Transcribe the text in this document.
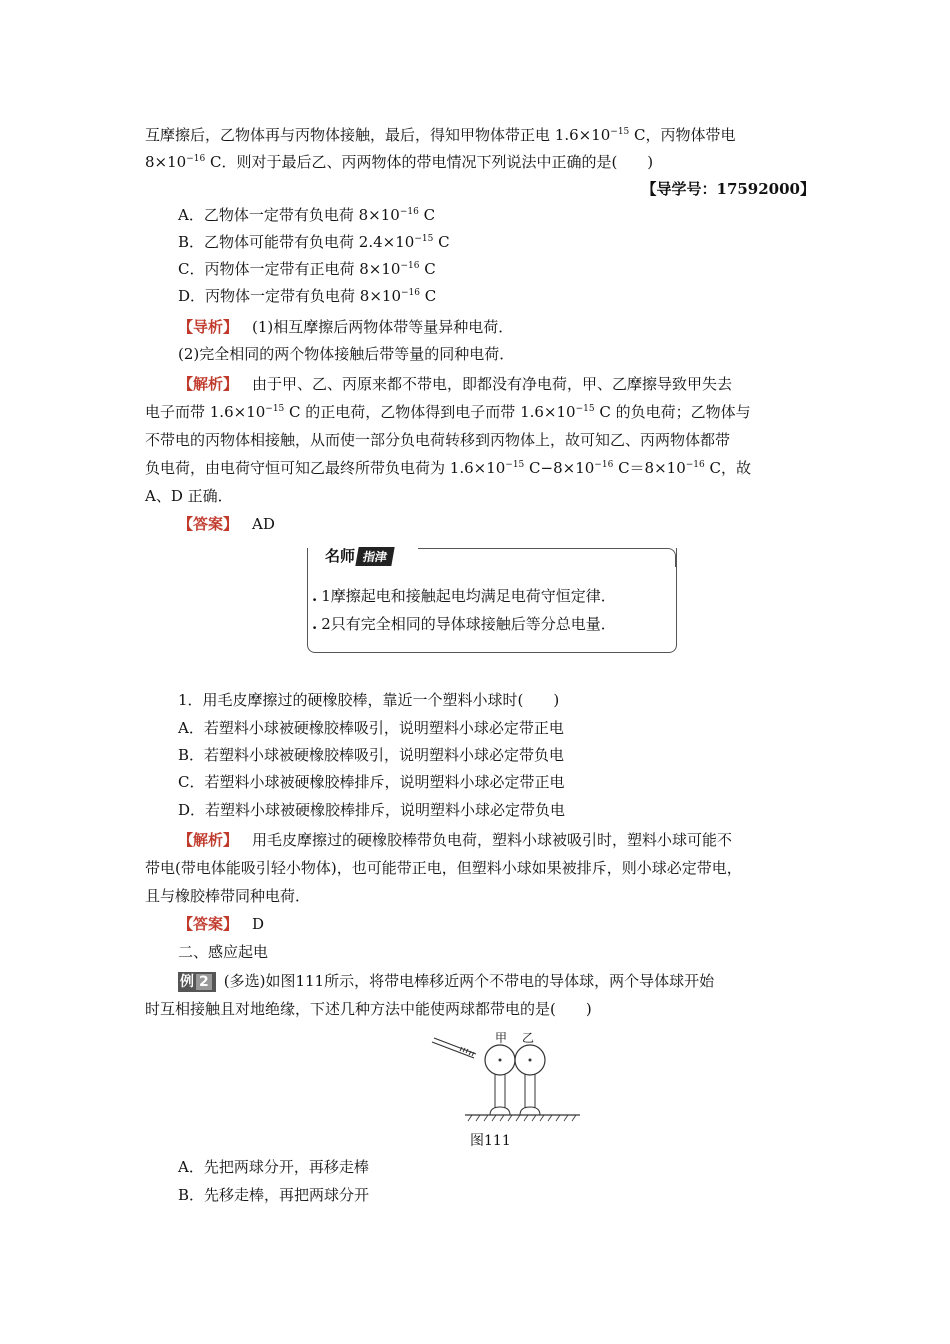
互摩擦后，乙物体再与丙物体接触，最后，得知甲物体带正电 $1.6\times 10^{-15}$ C，丙物体带电
$8\times 10^{-16}$ C．则对于最后乙、丙两物体的带电情况下列说法中正确的是(　　)
【导学号：17592000】
A．乙物体一定带有负电荷 $8\times 10^{-16}$ C
B．乙物体可能带有负电荷 $2.4\times 10^{-15}$ C
C．丙物体一定带有正电荷 $8\times 10^{-16}$ C
D．丙物体一定带有负电荷 $8\times 10^{-16}$ C
【导析】 (1)相互摩擦后两物体带等量异种电荷．
(2)完全相同的两个物体接触后带等量的同种电荷．
【解析】 由于甲、乙、丙原来都不带电，即都没有净电荷，甲、乙摩擦导致甲失去
电子而带 $1.6\times 10^{-15}$ C 的正电荷，乙物体得到电子而带 $1.6\times 10^{-15}$ C 的负电荷；乙物体与
不带电的丙物体相接触，从而使一部分负电荷转移到丙物体上，故可知乙、丙两物体都带
负电荷，由电荷守恒可知乙最终所带负电荷为 $1.6\times 10^{-15}$ $C-8\times 10^{-16}$ $C=8\times 10^{-16}$ C，故
A、D 正确．
【答案】 AD
名师 指津
. 1摩擦起电和接触起电均满足电荷守恒定律．
. 2只有完全相同的导体球接触后等分总电量．
1．用毛皮摩擦过的硬橡胶棒，靠近一个塑料小球时(　　)
A．若塑料小球被硬橡胶棒吸引，说明塑料小球必定带正电
B．若塑料小球被硬橡胶棒吸引，说明塑料小球必定带负电
C．若塑料小球被硬橡胶棒排斥，说明塑料小球必定带正电
D．若塑料小球被硬橡胶棒排斥，说明塑料小球必定带负电
【解析】 用毛皮摩擦过的硬橡胶棒带负电荷，塑料小球被吸引时，塑料小球可能不
带电(带电体能吸引轻小物体)，也可能带正电，但塑料小球如果被排斥，则小球必定带电，
且与橡胶棒带同种电荷．
【答案】 D
二、感应起电
例 2 (多选)如图111所示，将带电棒移近两个不带电的导体球，两个导体球开始
时互相接触且对地绝缘，下述几种方法中能使两球都带电的是(　　)
甲 乙
图111
A．先把两球分开，再移走棒
B．先移走棒，再把两球分开
